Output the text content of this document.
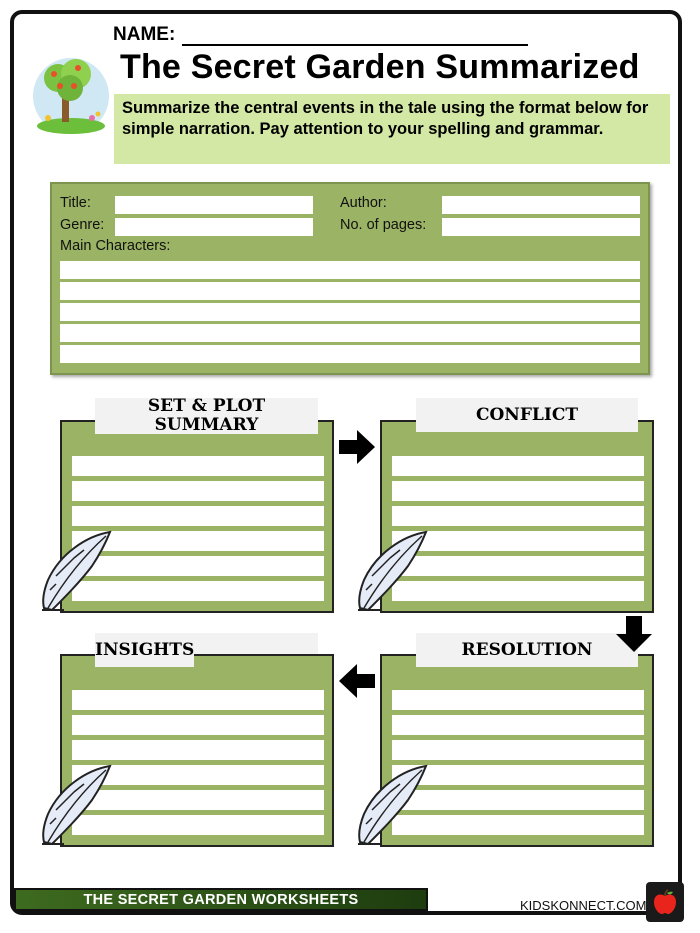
NAME:
The Secret Garden Summarized
Summarize the central events in the tale using the format below for simple narration. Pay attention to your spelling and grammar.
Title:	Author:
Genre:	No. of pages:
Main Characters:
SET & PLOT SUMMARY
CONFLICT
INSIGHTS	RESOLUTION
THE SECRET GARDEN WORKSHEETS	KIDSKONNECT.COM
